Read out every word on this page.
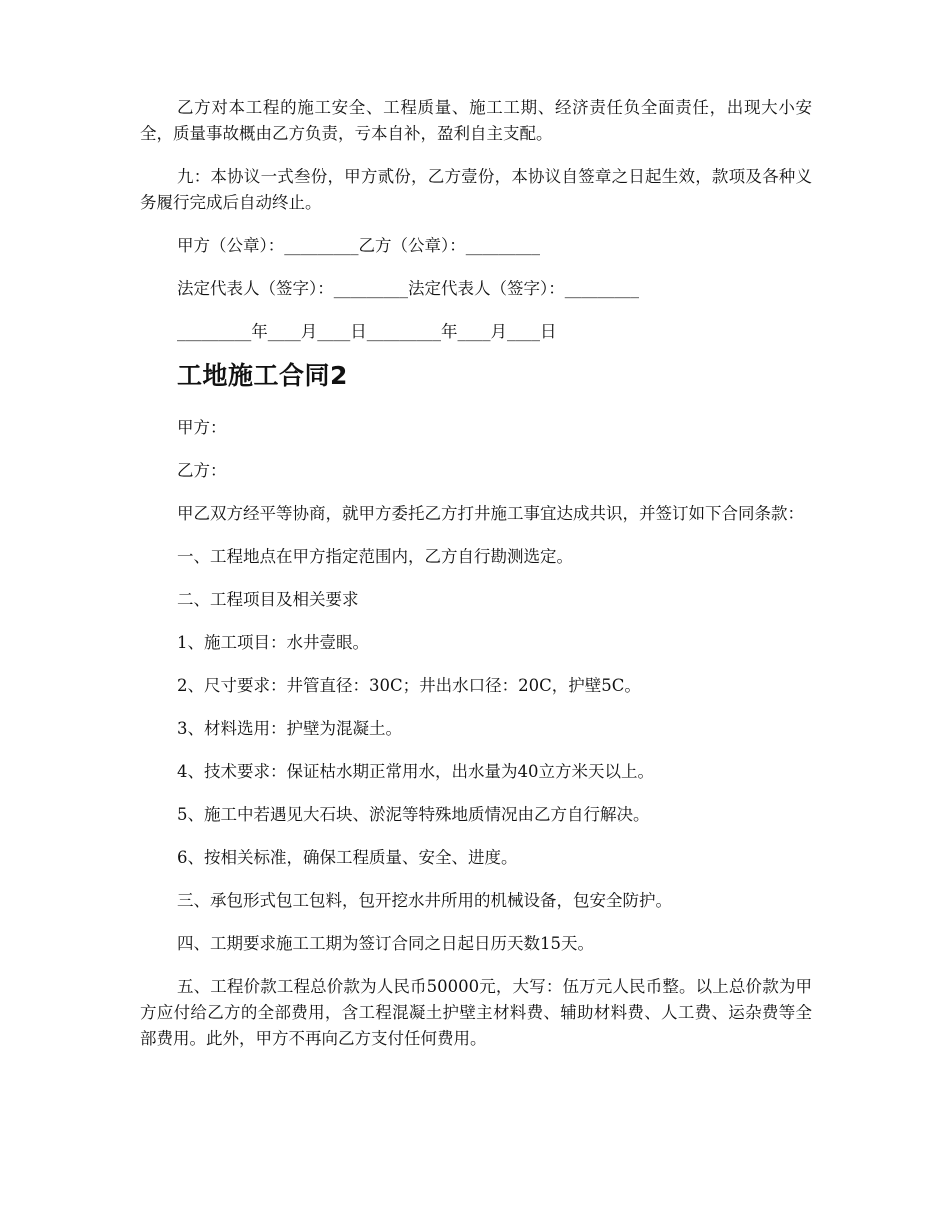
乙方对本工程的施工安全、工程质量、施工工期、经济责任负全面责任，出现大小安全，质量事故概由乙方负责，亏本自补，盈利自主支配。

九：本协议一式叁份，甲方贰份，乙方壹份，本协议自签章之日起生效，款项及各种义务履行完成后自动终止。

甲方（公章）：_________乙方（公章）：_________

法定代表人（签字）：_________法定代表人（签字）：_________

_________年____月____日_________年____月____日

工地施工合同2

甲方：

乙方：

甲乙双方经平等协商，就甲方委托乙方打井施工事宜达成共识，并签订如下合同条款：

一、工程地点在甲方指定范围内，乙方自行勘测选定。

二、工程项目及相关要求

1、施工项目：水井壹眼。

2、尺寸要求：井管直径：30C；井出水口径：20C，护壁5C。

3、材料选用：护壁为混凝土。

4、技术要求：保证枯水期正常用水，出水量为40立方米天以上。

5、施工中若遇见大石块、淤泥等特殊地质情况由乙方自行解决。

6、按相关标准，确保工程质量、安全、进度。

三、承包形式包工包料，包开挖水井所用的机械设备，包安全防护。

四、工期要求施工工期为签订合同之日起日历天数15天。

五、工程价款工程总价款为人民币50000元，大写：伍万元人民币整。以上总价款为甲方应付给乙方的全部费用，含工程混凝土护壁主材料费、辅助材料费、人工费、运杂费等全部费用。此外，甲方不再向乙方支付任何费用。
